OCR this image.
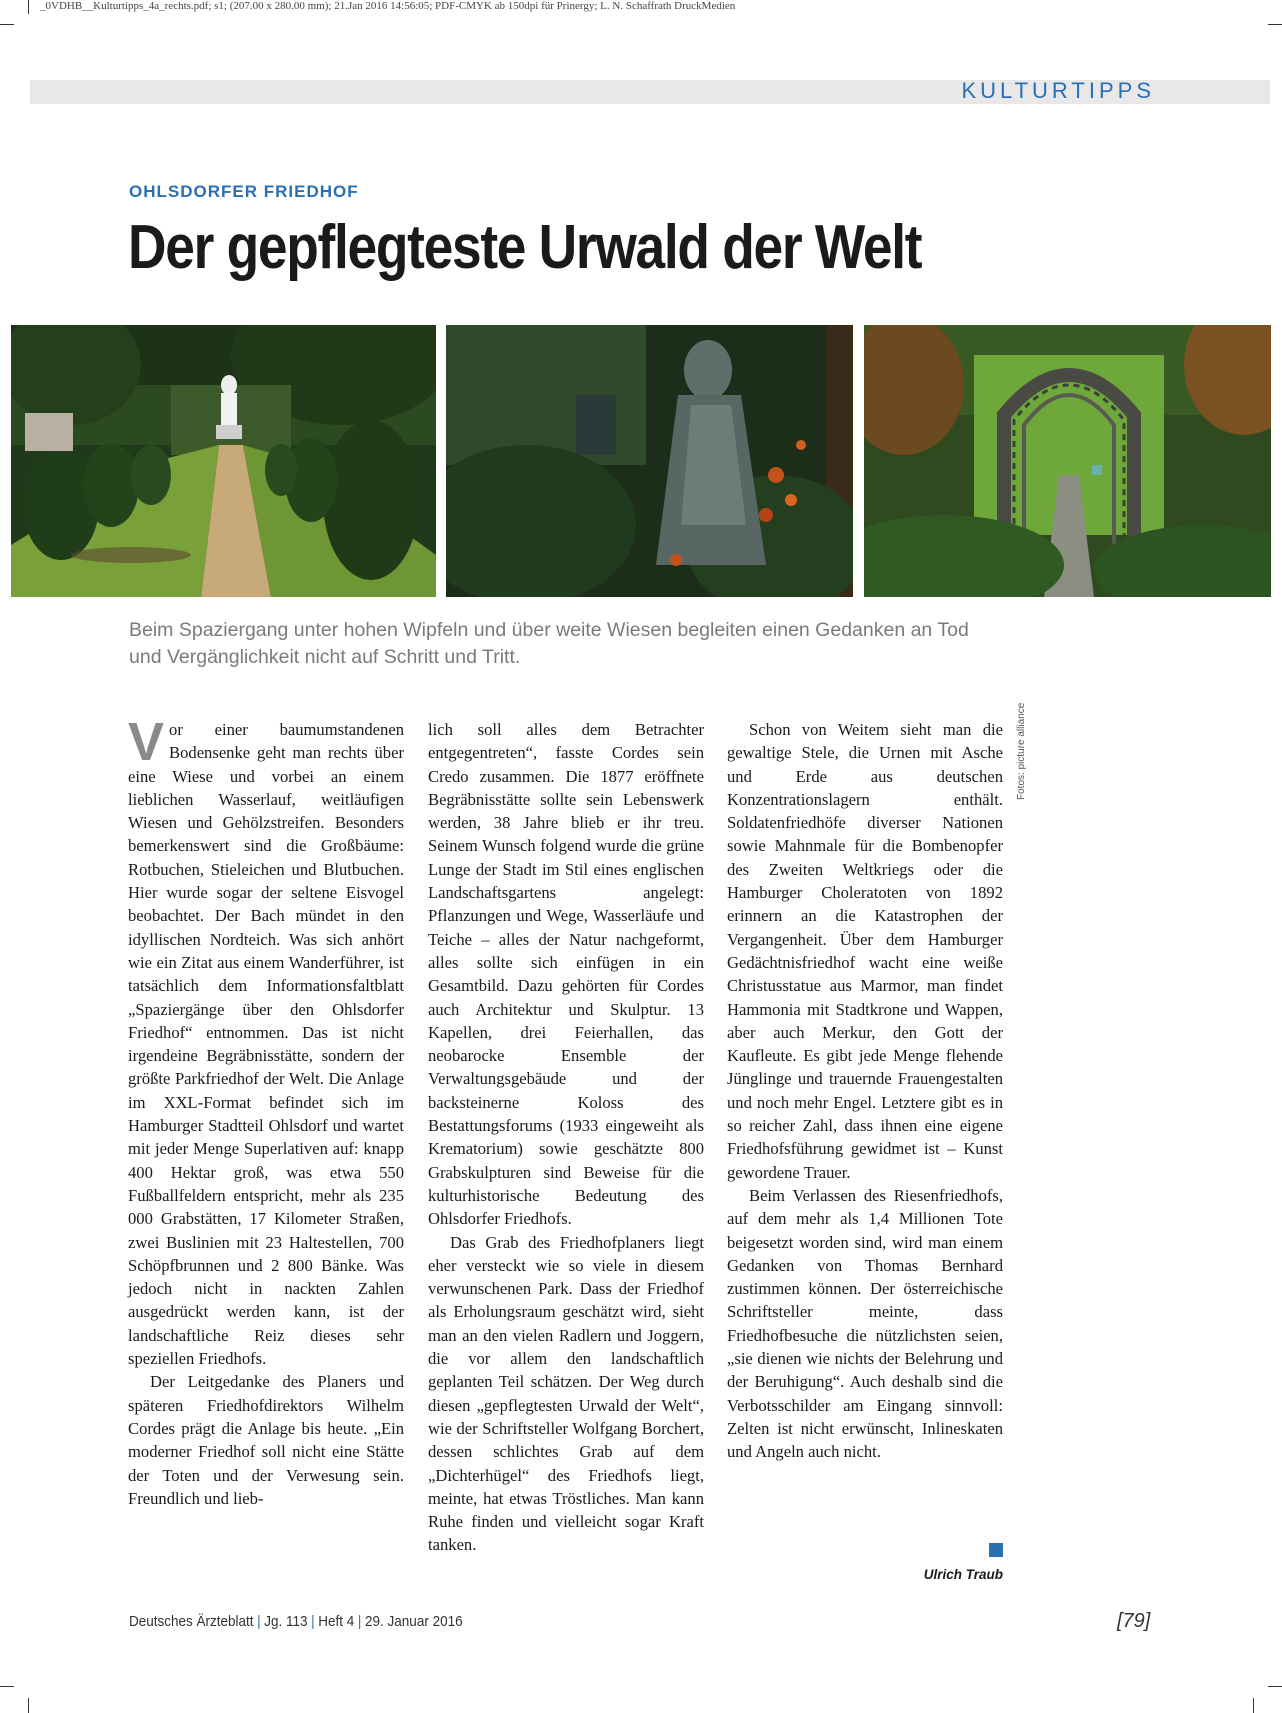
_0VDHB__Kulturtipps_4a_rechts.pdf; s1; (207.00 x 280.00 mm); 21.Jan 2016 14:56:05; PDF-CMYK ab 150dpi für Prinergy; L. N. Schaffrath DruckMedien
KULTURTIPPS
OHLSDORFER FRIEDHOF
Der gepflegteste Urwald der Welt
Beim Spaziergang unter hohen Wipfeln und über weite Wiesen begleiten einen Gedanken an Tod und Vergänglichkeit nicht auf Schritt und Tritt.

Vor einer baumumstandenen Bodensenke geht man rechts über eine Wiese und vorbei an einem lieblichen Wasserlauf, weitläufigen Wiesen und Gehölzstreifen. Besonders bemerkenswert sind die Großbäume: Rotbuchen, Stieleichen und Blutbuchen. Hier wurde sogar der seltene Eisvogel beobachtet. Der Bach mündet in den idyllischen Nordteich. Was sich anhört wie ein Zitat aus einem Wanderführer, ist tatsächlich dem Informationsfaltblatt „Spaziergänge über den Ohlsdorfer Friedhof“ entnommen. Das ist nicht irgendeine Begräbnisstätte, sondern der größte Parkfriedhof der Welt. Die Anlage im XXL-Format befindet sich im Hamburger Stadtteil Ohlsdorf und wartet mit jeder Menge Superlativen auf: knapp 400 Hektar groß, was etwa 550 Fußballfeldern entspricht, mehr als 235 000 Grabstätten, 17 Kilometer Straßen, zwei Buslinien mit 23 Haltestellen, 700 Schöpfbrunnen und 2 800 Bänke. Was jedoch nicht in nackten Zahlen ausgedrückt werden kann, ist der landschaftliche Reiz dieses sehr speziellen Friedhofs.

Der Leitgedanke des Planers und späteren Friedhofdirektors Wilhelm Cordes prägt die Anlage bis heute. „Ein moderner Friedhof soll nicht eine Stätte der Toten und der Verwesung sein. Freundlich und lieb-

lich soll alles dem Betrachter entgegentreten“, fasste Cordes sein Credo zusammen. Die 1877 eröffnete Begräbnisstätte sollte sein Lebenswerk werden, 38 Jahre blieb er ihr treu. Seinem Wunsch folgend wurde die grüne Lunge der Stadt im Stil eines englischen Landschaftsgartens angelegt: Pflanzungen und Wege, Wasserläufe und Teiche – alles der Natur nachgeformt, alles sollte sich einfügen in ein Gesamtbild. Dazu gehörten für Cordes auch Architektur und Skulptur. 13 Kapellen, drei Feierhallen, das neobarocke Ensemble der Verwaltungsgebäude und der backsteinerne Koloss des Bestattungsforums (1933 eingeweiht als Krematorium) sowie geschätzte 800 Grabskulpturen sind Beweise für die kulturhistorische Bedeutung des Ohlsdorfer Friedhofs.

Das Grab des Friedhofplaners liegt eher versteckt wie so viele in diesem verwunschenen Park. Dass der Friedhof als Erholungsraum geschätzt wird, sieht man an den vielen Radlern und Joggern, die vor allem den landschaftlich geplanten Teil schätzen. Der Weg durch diesen „gepflegtesten Urwald der Welt“, wie der Schriftsteller Wolfgang Borchert, dessen schlichtes Grab auf dem „Dichterhügel“ des Friedhofs liegt, meinte, hat etwas Tröstliches. Man kann Ruhe finden und vielleicht sogar Kraft tanken.

Schon von Weitem sieht man die gewaltige Stele, die Urnen mit Asche und Erde aus deutschen Konzentrationslagern enthält. Soldatenfriedhöfe diverser Nationen sowie Mahnmale für die Bombenopfer des Zweiten Weltkriegs oder die Hamburger Choleratoten von 1892 erinnern an die Katastrophen der Vergangenheit. Über dem Hamburger Gedächtnisfriedhof wacht eine weiße Christusstatue aus Marmor, man findet Hammonia mit Stadtkrone und Wappen, aber auch Merkur, den Gott der Kaufleute. Es gibt jede Menge flehende Jünglinge und trauernde Frauengestalten und noch mehr Engel. Letztere gibt es in so reicher Zahl, dass ihnen eine eigene Friedhofsführung gewidmet ist – Kunst gewordene Trauer.

Beim Verlassen des Riesenfriedhofs, auf dem mehr als 1,4 Millionen Tote beigesetzt worden sind, wird man einem Gedanken von Thomas Bernhard zustimmen können. Der österreichische Schriftsteller meinte, dass Friedhofbesuche die nützlichsten seien, „sie dienen wie nichts der Belehrung und der Beruhigung“. Auch deshalb sind die Verbotsschilder am Eingang sinnvoll: Zelten ist nicht erwünscht, Inlineskaten und Angeln auch nicht.

Ulrich Traub
Fotos: picture alliance
Deutsches Ärzteblatt | Jg. 113 | Heft 4 | 29. Januar 2016	[79]
